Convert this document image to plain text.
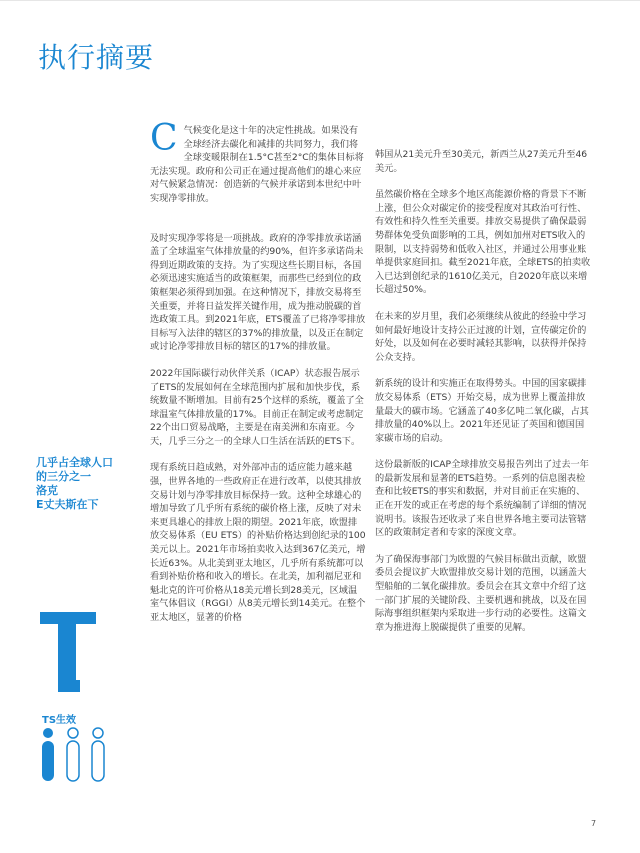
执行摘要

C 气候变化是这十年的决定性挑战。如果没有全球经济去碳化和减排的共同努力，我们将全球变暖限制在1.5°C甚至2°C的集体目标将无法实现。政府和公司正在通过提高他们的雄心来应对气候紧急情况：创造新的气候并承诺到本世纪中叶实现净零排放。

及时实现净零将是一项挑战。政府的净零排放承诺涵盖了全球温室气体排放量的约90%，但许多承诺尚未得到近期政策的支持。为了实现这些长期目标，各国必须迅速实施适当的政策框架，而那些已经到位的政策框架必须得到加强。在这种情况下，排放交易将至关重要，并将日益发挥关键作用，成为推动脱碳的首选政策工具。到2021年底，ETS覆盖了已将净零排放目标写入法律的辖区的37%的排放量，以及正在制定或讨论净零排放目标的辖区的17%的排放量。

2022年国际碳行动伙伴关系（ICAP）状态报告展示了ETS的发展如何在全球范围内扩展和加快步伐，系统数量不断增加。目前有25个这样的系统，覆盖了全球温室气体排放量的17%。目前正在制定或考虑制定22个出口贸易战略，主要是在南美洲和东南亚。今天，几乎三分之一的全球人口生活在活跃的ETS下。

现有系统日趋成熟，对外部冲击的适应能力越来越强，世界各地的一些政府正在进行改革，以使其排放交易计划与净零排放目标保持一致。这种全球雄心的增加导致了几乎所有系统的碳价格上涨，反映了对未来更具雄心的排放上限的期望。2021年底，欧盟排放交易体系（EU ETS）的补贴价格达到创纪录的100美元以上。2021年市场拍卖收入达到367亿美元，增长近63%。从北美到亚太地区，几乎所有系统都可以看到补贴价格和收入的增长。在北美，加利福尼亚和魁北克的许可价格从18美元增长到28美元，区域温室气体倡议（RGGI）从8美元增长到14美元。在整个亚太地区，显著的价格

韩国从21美元升至30美元，新西兰从27美元升至46美元。

虽然碳价格在全球多个地区高能源价格的背景下不断上涨，但公众对碳定价的接受程度对其政治可行性、有效性和持久性至关重要。排放交易提供了确保最弱势群体免受负面影响的工具，例如加州对ETS收入的限制，以支持弱势和低收入社区，并通过公用事业账单提供家庭回扣。截至2021年底，全球ETS的拍卖收入已达到创纪录的1610亿美元，自2020年底以来增长超过50%。

在未来的岁月里，我们必须继续从彼此的经验中学习如何最好地设计支持公正过渡的计划，宣传碳定价的好处，以及如何在必要时减轻其影响，以获得并保持公众支持。

新系统的设计和实施正在取得势头。中国的国家碳排放交易体系（ETS）开始交易，成为世界上覆盖排放量最大的碳市场。它涵盖了40多亿吨二氧化碳，占其排放量的40%以上。2021年还见证了英国和德国国家碳市场的启动。

这份最新版的ICAP全球排放交易报告列出了过去一年的最新发展和显著的ETS趋势。一系列的信息图表检查和比较ETS的事实和数据，并对目前正在实施的、正在开发的或正在考虑的每个系统编制了详细的情况说明书。该报告还收录了来自世界各地主要司法管辖区的政策制定者和专家的深度文章。

为了确保海事部门为欧盟的气候目标做出贡献，欧盟委员会提议扩大欧盟排放交易计划的范围，以涵盖大型船舶的二氧化碳排放。委员会在其文章中介绍了这一部门扩展的关键阶段、主要机遇和挑战，以及在国际海事组织框架内采取进一步行动的必要性。这篇文章为推进海上脱碳提供了重要的见解。

几乎占全球人口
的三分之一
洛克
E丈夫斯在下
TS生效
7
